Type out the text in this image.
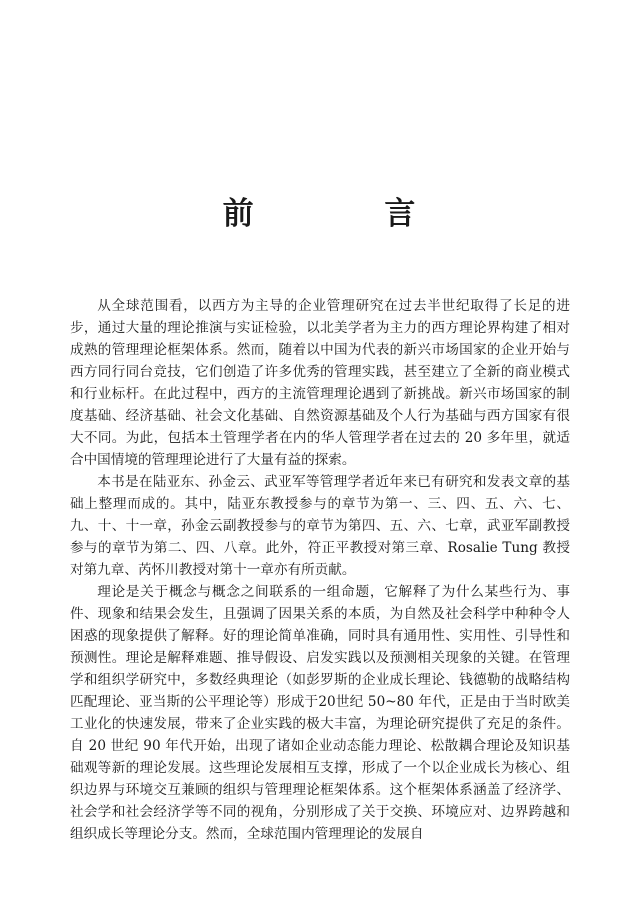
前 言

从全球范围看，以西方为主导的企业管理研究在过去半世纪取得了长足的进步，通过大量的理论推演与实证检验，以北美学者为主力的西方理论界构建了相对成熟的管理理论框架体系。然而，随着以中国为代表的新兴市场国家的企业开始与西方同行同台竞技，它们创造了许多优秀的管理实践，甚至建立了全新的商业模式和行业标杆。在此过程中，西方的主流管理理论遇到了新挑战。新兴市场国家的制度基础、经济基础、社会文化基础、自然资源基础及个人行为基础与西方国家有很大不同。为此，包括本土管理学者在内的华人管理学者在过去的 20 多年里，就适合中国情境的管理理论进行了大量有益的探索。

本书是在陆亚东、孙金云、武亚军等管理学者近年来已有研究和发表文章的基础上整理而成的。其中，陆亚东教授参与的章节为第一、三、四、五、六、七、九、十、十一章，孙金云副教授参与的章节为第四、五、六、七章，武亚军副教授参与的章节为第二、四、八章。此外，符正平教授对第三章、Rosalie Tung 教授对第九章、芮怀川教授对第十一章亦有所贡献。

理论是关于概念与概念之间联系的一组命题，它解释了为什么某些行为、事件、现象和结果会发生，且强调了因果关系的本质，为自然及社会科学中种种令人困惑的现象提供了解释。好的理论简单准确，同时具有通用性、实用性、引导性和预测性。理论是解释难题、推导假设、启发实践以及预测相关现象的关键。在管理学和组织学研究中，多数经典理论（如彭罗斯的企业成长理论、钱德勒的战略结构匹配理论、亚当斯的公平理论等）形成于20世纪 50~80 年代，正是由于当时欧美工业化的快速发展，带来了企业实践的极大丰富，为理论研究提供了充足的条件。自 20 世纪 90 年代开始，出现了诸如企业动态能力理论、松散耦合理论及知识基础观等新的理论发展。这些理论发展相互支撑，形成了一个以企业成长为核心、组织边界与环境交互兼顾的组织与管理理论框架体系。这个框架体系涵盖了经济学、社会学和社会经济学等不同的视角，分别形成了关于交换、环境应对、边界跨越和组织成长等理论分支。然而，全球范围内管理理论的发展自
